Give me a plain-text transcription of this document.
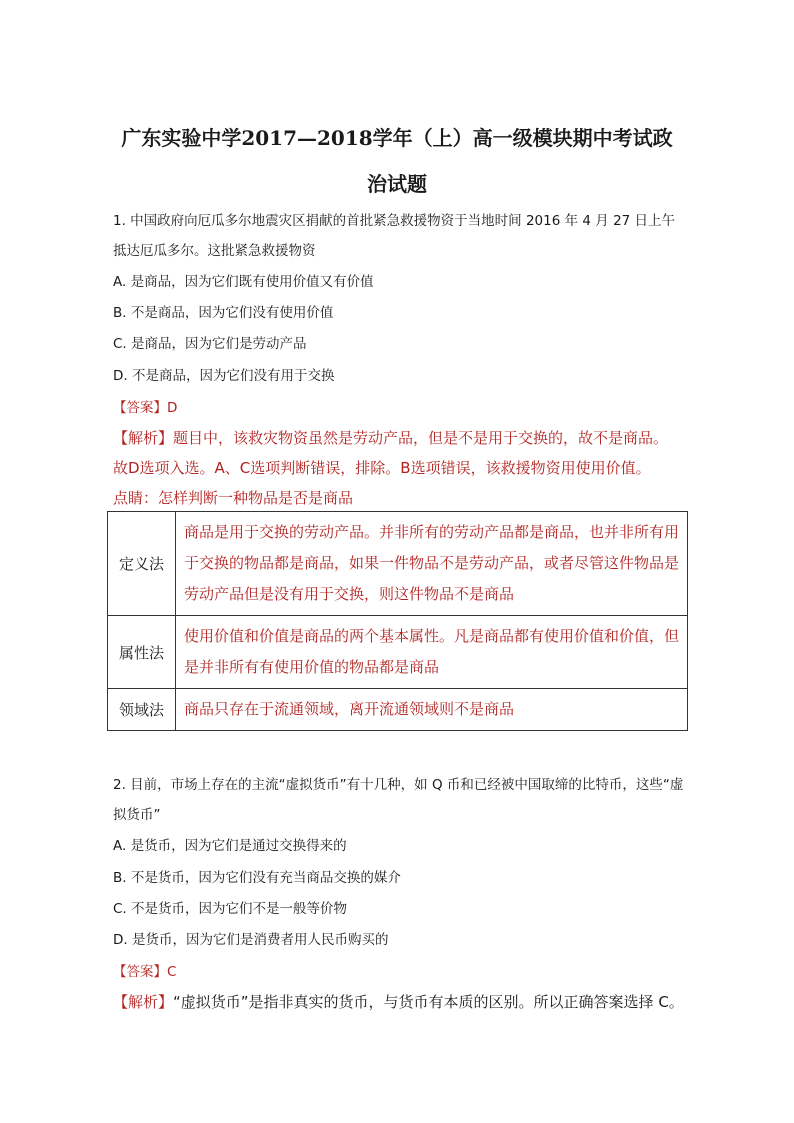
广东实验中学2017—2018学年（上）高一级模块期中考试政
治试题
1. 中国政府向厄瓜多尔地震灾区捐献的首批紧急救援物资于当地时间 2016 年 4 月 27 日上午
抵达厄瓜多尔。这批紧急救援物资
A. 是商品，因为它们既有使用价值又有价值
B. 不是商品，因为它们没有使用价值
C. 是商品，因为它们是劳动产品
D. 不是商品，因为它们没有用于交换
【答案】D
【解析】题目中，该救灾物资虽然是劳动产品，但是不是用于交换的，故不是商品。
故D选项入选。A、C选项判断错误，排除。B选项错误，该救援物资用使用价值。
点睛：怎样判断一种物品是否是商品
定义法	商品是用于交换的劳动产品。并非所有的劳动产品都是商品，也并非所有用于交换的物品都是商品，如果一件物品不是劳动产品，或者尽管这件物品是劳动产品但是没有用于交换，则这件物品不是商品
属性法	使用价值和价值是商品的两个基本属性。凡是商品都有使用价值和价值，但是并非所有有使用价值的物品都是商品
领域法	商品只存在于流通领域，离开流通领域则不是商品
2. 目前，市场上存在的主流“虚拟货币”有十几种，如 Q 币和已经被中国取缔的比特币，这些“虚
拟货币”
A. 是货币，因为它们是通过交换得来的
B. 不是货币，因为它们没有充当商品交换的媒介
C. 不是货币，因为它们不是一般等价物
D. 是货币，因为它们是消费者用人民币购买的
【答案】C
【解析】“虚拟货币”是指非真实的货币，与货币有本质的区别。所以正确答案选择 C。
